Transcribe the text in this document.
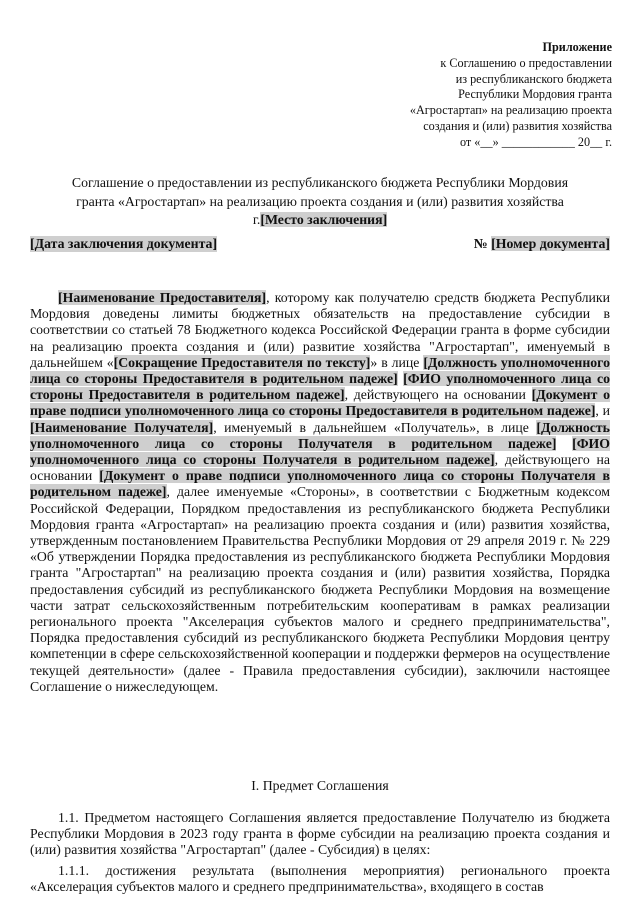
Приложение
к Соглашению о предоставлении
из республиканского бюджета
Республики Мордовия гранта
«Агростартап» на реализацию проекта
создания и (или) развития хозяйства
от «__» ____________ 20__ г.
Соглашение о предоставлении из республиканского бюджета Республики Мордовия
гранта «Агростартап» на реализацию проекта создания и (или) развития хозяйства
г.[Место заключения]
[Дата заключения документа]	№ [Номер документа]

[Наименование Предоставителя], которому как получателю средств бюджета Республики Мордовия доведены лимиты бюджетных обязательств на предоставление субсидии в соответствии со статьей 78 Бюджетного кодекса Российской Федерации гранта в форме субсидии на реализацию проекта создания и (или) развитие хозяйства "Агростартап", именуемый в дальнейшем «[Сокращение Предоставителя по тексту]» в лице [Должность уполномоченного лица со стороны Предоставителя в родительном падеже] [ФИО уполномоченного лица со стороны Предоставителя в родительном падеже], действующего на основании [Документ о праве подписи уполномоченного лица со стороны Предоставителя в родительном падеже], и [Наименование Получателя], именуемый в дальнейшем «Получатель», в лице [Должность уполномоченного лица со стороны Получателя в родительном падеже] [ФИО уполномоченного лица со стороны Получателя в родительном падеже], действующего на основании [Документ о праве подписи уполномоченного лица со стороны Получателя в родительном падеже], далее именуемые «Стороны», в соответствии с Бюджетным кодексом Российской Федерации, Порядком предоставления из республиканского бюджета Республики Мордовия гранта «Агростартап» на реализацию проекта создания и (или) развития хозяйства, утвержденным постановлением Правительства Республики Мордовия от 29 апреля 2019 г. № 229 «Об утверждении Порядка предоставления из республиканского бюджета Республики Мордовия гранта "Агростартап" на реализацию проекта создания и (или) развития хозяйства, Порядка предоставления субсидий из республиканского бюджета Республики Мордовия на возмещение части затрат сельскохозяйственным потребительским кооперативам в рамках реализации регионального проекта "Акселерация субъектов малого и среднего предпринимательства", Порядка предоставления субсидий из республиканского бюджета Республики Мордовия центру компетенции в сфере сельскохозяйственной кооперации и поддержки фермеров на осуществление текущей деятельности» (далее - Правила предоставления субсидии), заключили настоящее Соглашение о нижеследующем.

I. Предмет Соглашения

1.1. Предметом настоящего Соглашения является предоставление Получателю из бюджета Республики Мордовия в 2023 году гранта в форме субсидии на реализацию проекта создания и (или) развития хозяйства "Агростартап" (далее - Субсидия) в целях:

1.1.1. достижения результата (выполнения мероприятия) регионального проекта «Акселерация субъектов малого и среднего предпринимательства», входящего в состав
